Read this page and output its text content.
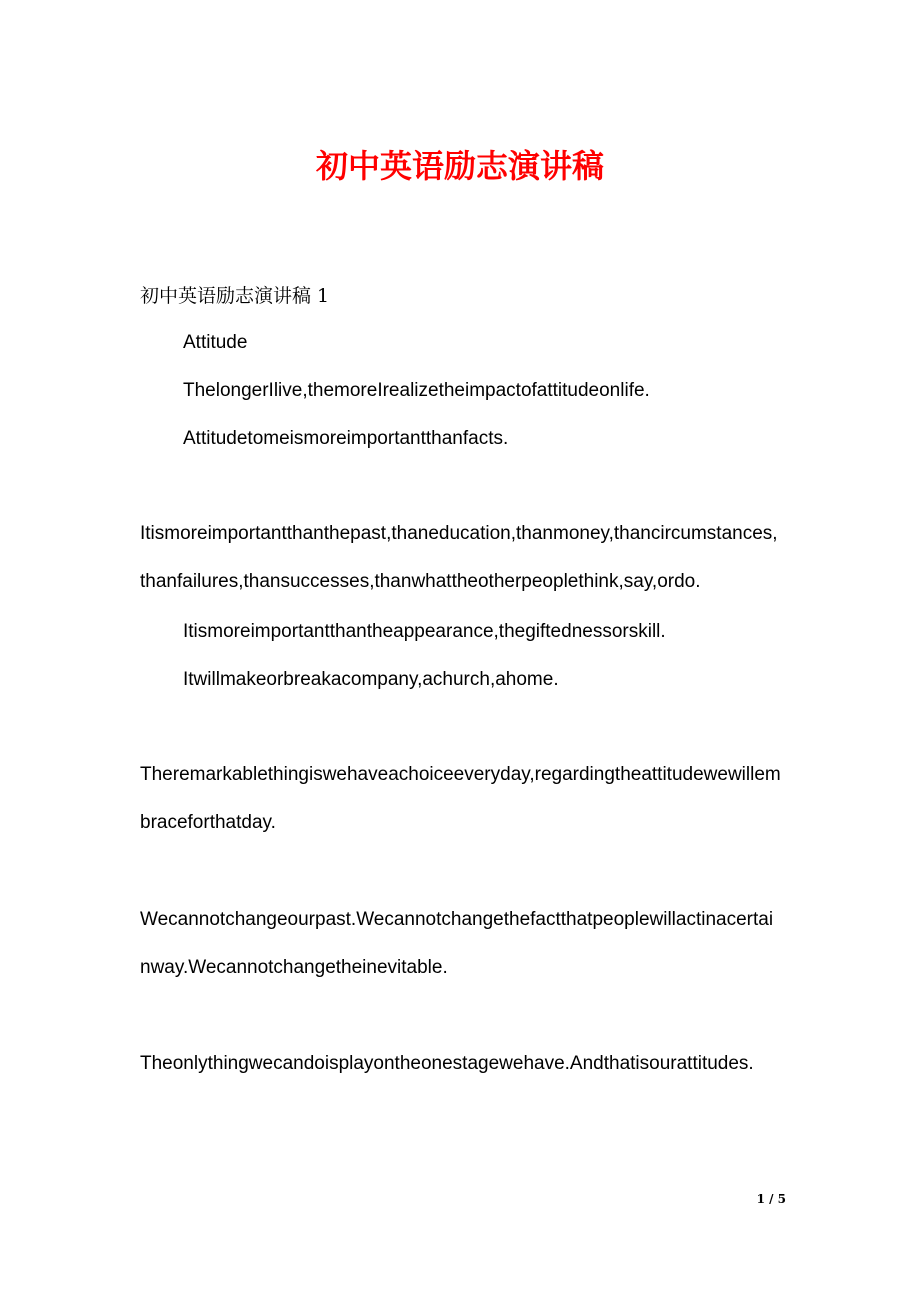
初中英语励志演讲稿

初中英语励志演讲稿 1

Attitude

ThelongerIlive,themoreIrealizetheimpactofattitudeonlife.

Attitudetomeismoreimportantthanfacts.

Itismoreimportantthanthepast,thaneducation,thanmoney,thancircumstances,thanfailures,thansuccesses,thanwhattheotherpeoplethink,say,ordo.

Itismoreimportantthantheappearance,thegiftednessorskill.

Itwillmakeorbreakacompany,achurch,ahome.

Theremarkablethingiswehaveachoiceeveryday,regardingtheattitudewewillembraceforthatday.

Wecannotchangeourpast.Wecannotchangethefactthatpeoplewillactinacertainway.Wecannotchangetheinevitable.

Theonlythingwecandoisplayontheonestagewehave.Andthatisourattitudes.

1 / 5
